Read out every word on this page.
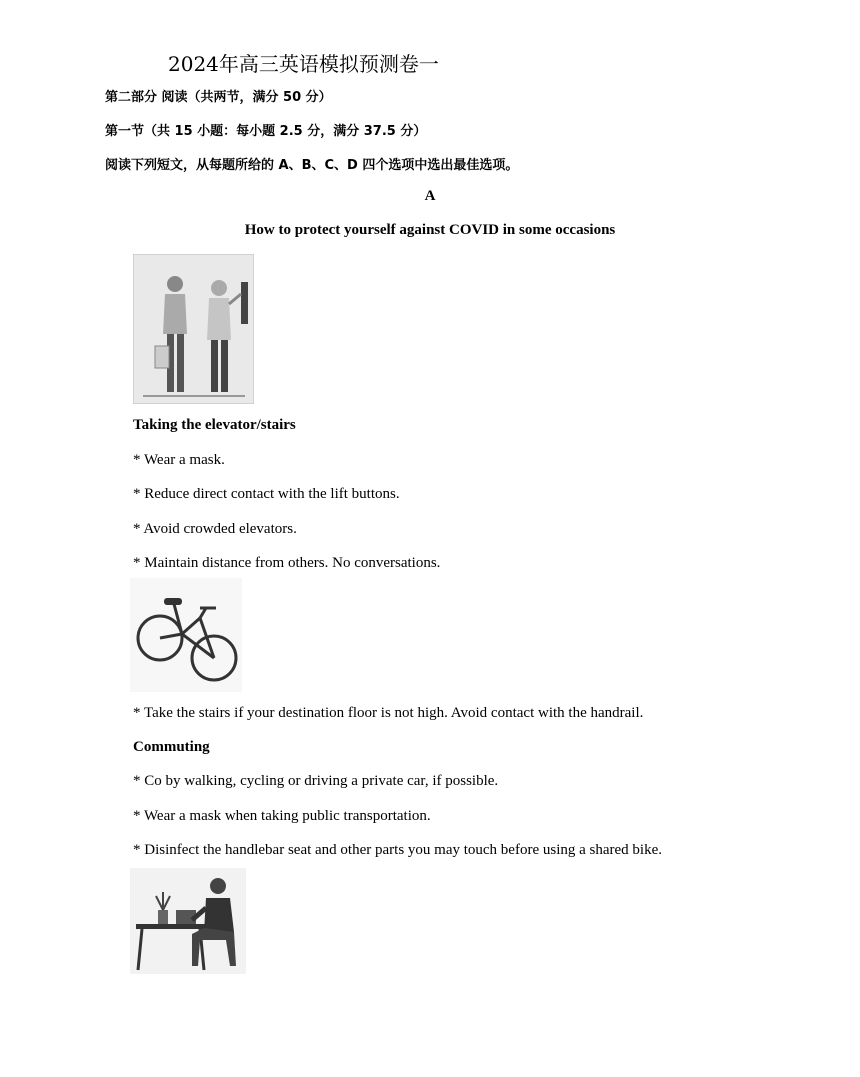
2024年高三英语模拟预测卷一
第二部分 阅读（共两节，满分 50 分）
第一节（共 15 小题：每小题 2.5 分，满分 37.5 分）
阅读下列短文，从每题所给的 A、B、C、D 四个选项中选出最佳选项。
A
How to protect yourself against COVID in some occasions
Taking the elevator/stairs
* Wear a mask.
* Reduce direct contact with the lift buttons.
* Avoid crowded elevators.
* Maintain distance from others. No conversations.
* Take the stairs if your destination floor is not high. Avoid contact with the handrail.
Commuting
* Co by walking, cycling or driving a private car, if possible.
* Wear a mask when taking public transportation.
* Disinfect the handlebar seat and other parts you may touch before using a shared bike.
